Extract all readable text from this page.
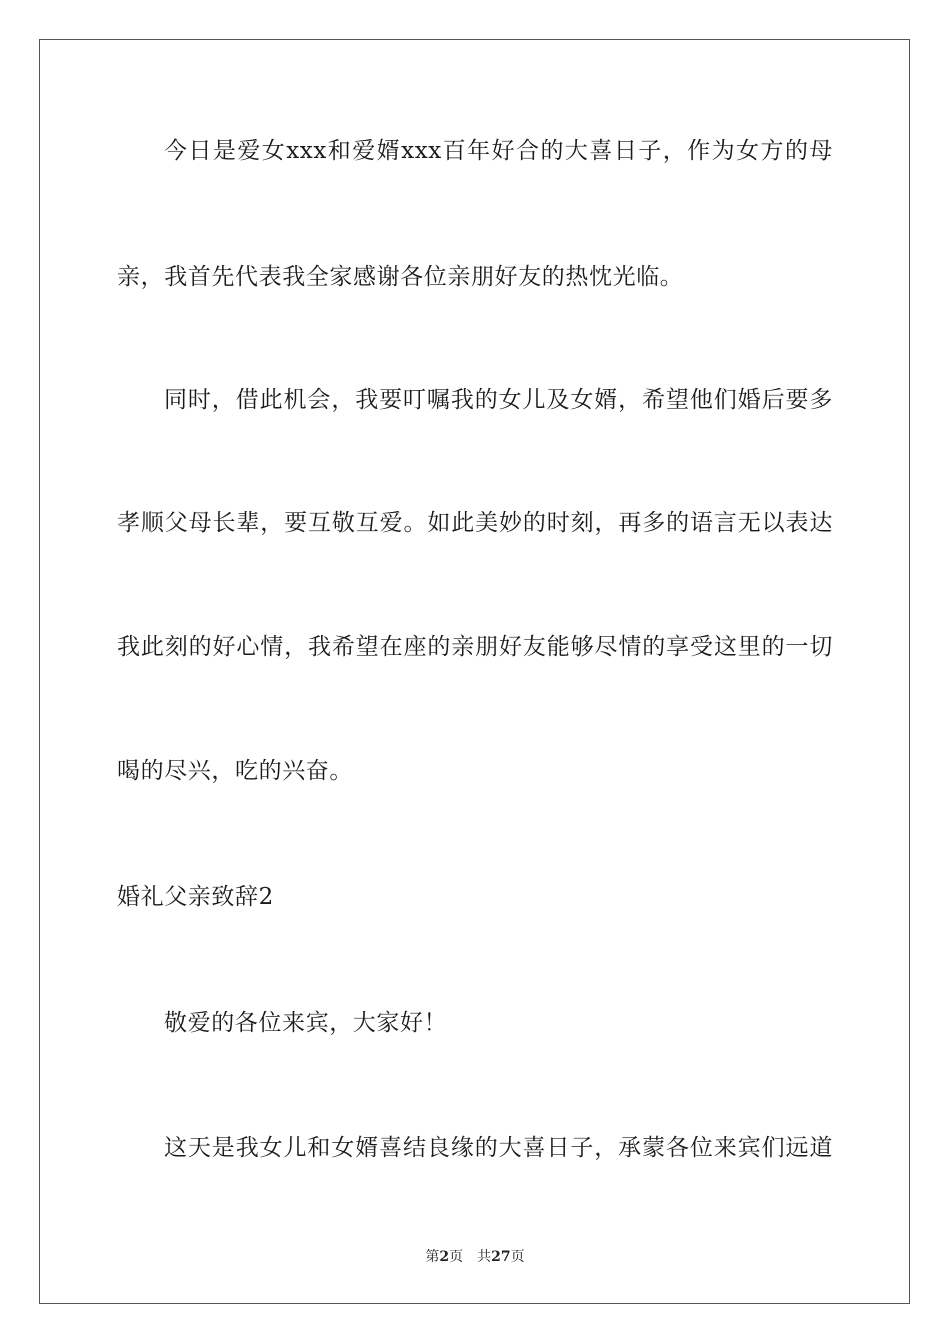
今日是爱女xxx和爱婿xxx百年好合的大喜日子，作为女方的母
亲，我首先代表我全家感谢各位亲朋好友的热忱光临。
同时，借此机会，我要叮嘱我的女儿及女婿，希望他们婚后要多
孝顺父母长辈，要互敬互爱。如此美妙的时刻，再多的语言无以表达
我此刻的好心情，我希望在座的亲朋好友能够尽情的享受这里的一切
喝的尽兴，吃的兴奋。
婚礼父亲致辞2
敬爱的各位来宾，大家好！
这天是我女儿和女婿喜结良缘的大喜日子，承蒙各位来宾们远道
第2页 共27页
